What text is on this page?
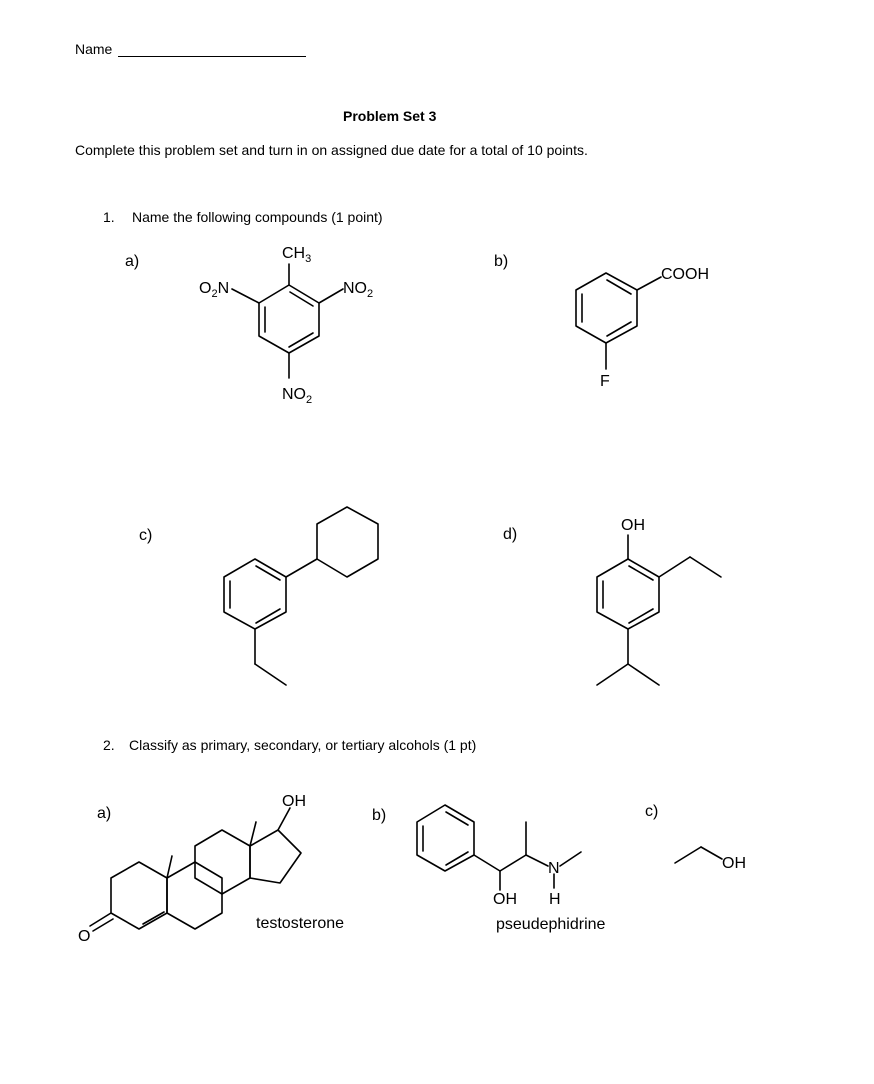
Name
Problem Set 3
Complete this problem set and turn in on assigned due date for a total of 10 points.
1. Name the following compounds (1 point)
2. Classify as primary, secondary, or tertiary alcohols (1 pt)
a)	$CH_3$
$O_2N$	$NO_2$
$NO_2$
b)
COOH
F
c)	d)
OH
a)
OH
O
testosterone
b)
OH
N
H
pseudephidrine
c)
OH
